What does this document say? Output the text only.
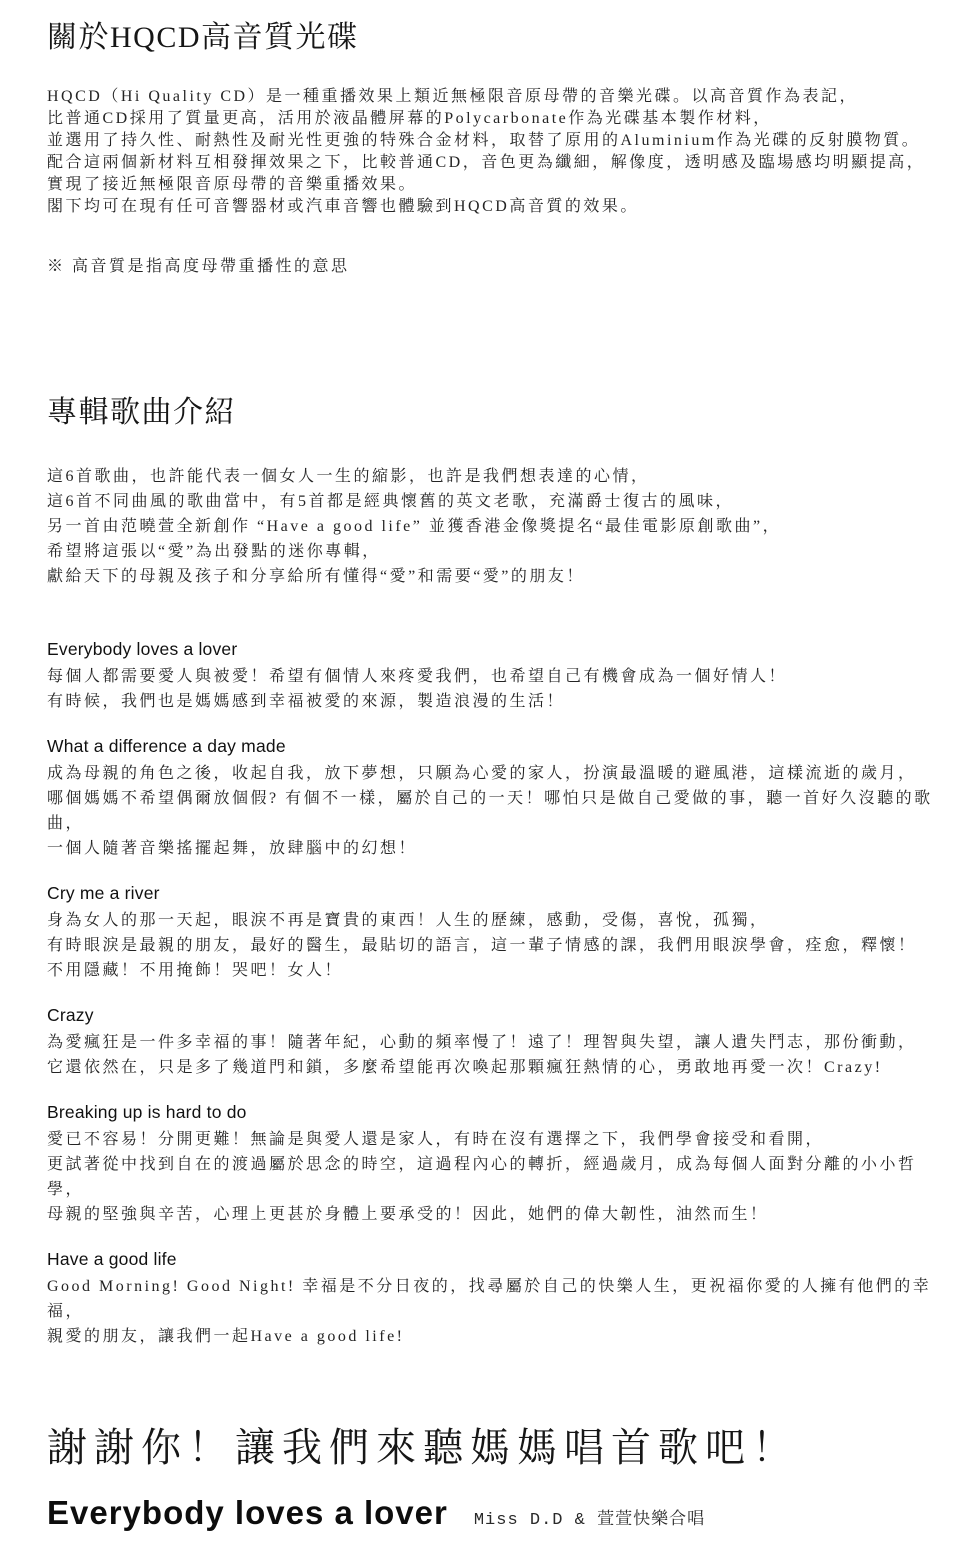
關於HQCD高音質光碟

HQCD（Hi Quality CD）是一種重播效果上類近無極限音原母帶的音樂光碟。以高音質作為表記，

比普通CD採用了質量更高，活用於液晶體屏幕的Polycarbonate作為光碟基本製作材料，

並選用了持久性、耐熱性及耐光性更強的特殊合金材料，取替了原用的Aluminium作為光碟的反射膜物質。

配合這兩個新材料互相發揮效果之下，比較普通CD，音色更為纖細，解像度，透明感及臨場感均明顯提高，

實現了接近無極限音原母帶的音樂重播效果。

閣下均可在現有任可音響器材或汽車音響也體驗到HQCD高音質的效果。

※ 高音質是指高度母帶重播性的意思

專輯歌曲介紹

這6首歌曲，也許能代表一個女人一生的縮影，也許是我們想表達的心情，

這6首不同曲風的歌曲當中，有5首都是經典懷舊的英文老歌，充滿爵士復古的風味，

另一首由范曉萱全新創作 “Have a good life” 並獲香港金像獎提名“最佳電影原創歌曲”，

希望將這張以“愛”為出發點的迷你專輯，

獻給天下的母親及孩子和分享給所有懂得“愛”和需要“愛”的朋友！

Everybody loves a lover

每個人都需要愛人與被愛！希望有個情人來疼愛我們，也希望自己有機會成為一個好情人！

有時候，我們也是媽媽感到幸福被愛的來源，製造浪漫的生活！

What a difference a day made

成為母親的角色之後，收起自我，放下夢想，只願為心愛的家人，扮演最溫暖的避風港，這樣流逝的歲月，

哪個媽媽不希望偶爾放個假? 有個不一樣，屬於自己的一天！哪怕只是做自己愛做的事，聽一首好久沒聽的歌曲，

一個人隨著音樂搖擺起舞，放肆腦中的幻想！

Cry me a river

身為女人的那一天起，眼淚不再是寶貴的東西！人生的歷練，感動，受傷，喜悅，孤獨，

有時眼淚是最親的朋友，最好的醫生，最貼切的語言，這一輩子情感的課，我們用眼淚學會，痊愈，釋懷！

不用隱藏！不用掩飾！哭吧！女人！

Crazy

為愛瘋狂是一件多幸福的事！隨著年紀，心動的頻率慢了！遠了！理智與失望，讓人遺失鬥志，那份衝動，

它還依然在，只是多了幾道門和鎖，多麼希望能再次喚起那顆瘋狂熱情的心，勇敢地再愛一次！Crazy!

Breaking up is hard to do

愛已不容易！分開更難！無論是與愛人還是家人，有時在沒有選擇之下，我們學會接受和看開，

更試著從中找到自在的渡過屬於思念的時空，這過程內心的轉折，經過歲月，成為每個人面對分離的小小哲學，

母親的堅強與辛苦，心理上更甚於身體上要承受的！因此，她們的偉大韌性，油然而生！

Have a good life

Good Morning! Good Night! 幸福是不分日夜的，找尋屬於自己的快樂人生，更祝福你愛的人擁有他們的幸福，

親愛的朋友，讓我們一起Have a good life!

謝謝你！讓我們來聽媽媽唱首歌吧！
Everybody loves a lover Miss D.D & 萱萱快樂合唱
